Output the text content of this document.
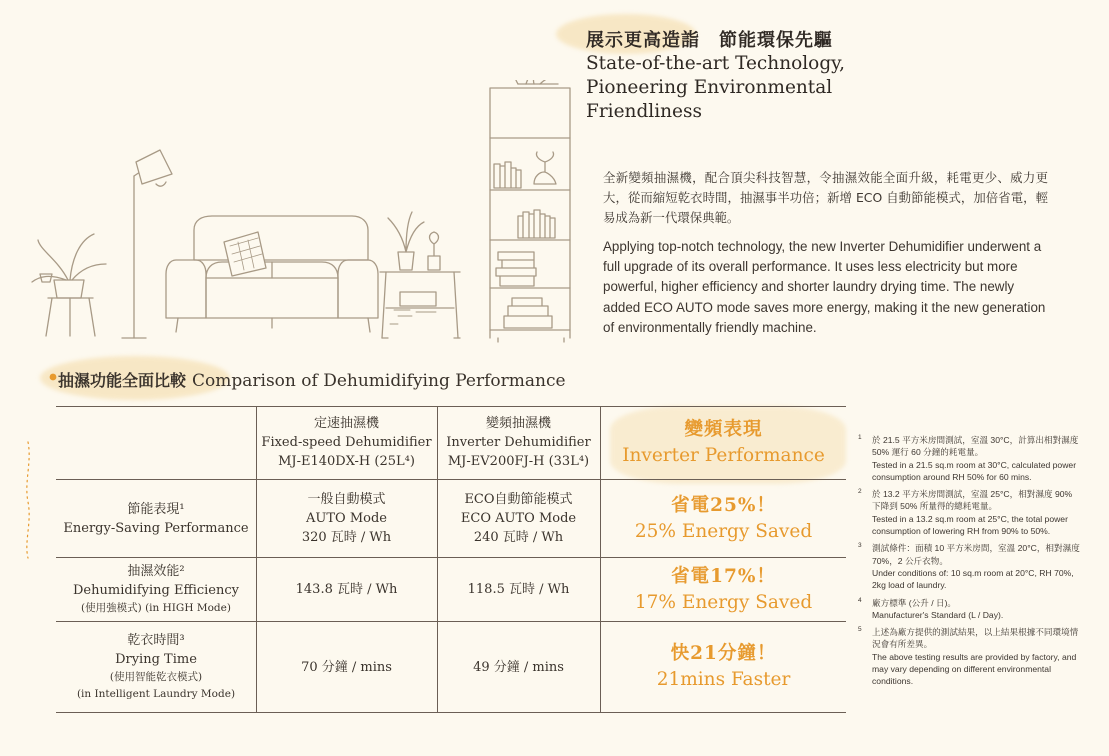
展示更高造詣　節能環保先驅
State-of-the-art Technology,
Pioneering Environmental
Friendliness
全新變頻抽濕機，配合頂尖科技智慧，令抽濕效能全面升級，耗電更少、威力更大，從而縮短乾衣時間，抽濕事半功倍；新增 ECO 自動節能模式，加倍省電，輕易成為新一代環保典範。
Applying top-notch technology, the new Inverter Dehumidifier underwent a full upgrade of its overall performance. It uses less electricity but more powerful, higher efficiency and shorter laundry drying time. The newly added ECO AUTO mode saves more energy, making it the new generation of environmentally friendly machine.
抽濕功能全面比較 Comparison of Dehumidifying Performance
定速抽濕機
Fixed-speed Dehumidifier
MJ-E140DX-H (25L⁴)
變頻抽濕機
Inverter Dehumidifier
MJ-EV200FJ-H (33L⁴)
變頻表現
Inverter Performance
節能表現¹
Energy-Saving Performance
一般自動模式
AUTO Mode
320 瓦時 / Wh
ECO自動節能模式
ECO AUTO Mode
240 瓦時 / Wh
省電25%！
25% Energy Saved
抽濕效能²
Dehumidifying Efficiency
(使用強模式) (in HIGH Mode)
143.8 瓦時 / Wh	118.5 瓦時 / Wh
省電17%！
17% Energy Saved
乾衣時間³
Drying Time
(使用智能乾衣模式)
(in Intelligent Laundry Mode)
70 分鐘 / mins	49 分鐘 / mins
快21分鐘！
21mins Faster
1 於 21.5 平方米房間測試，室溫 30°C，計算出相對濕度 50% 運行 60 分鐘的耗電量。

Tested in a 21.5 sq.m room at 30°C, calculated power consumption around RH 50% for 60 mins.

2 於 13.2 平方米房間測試，室溫 25°C，相對濕度 90% 下降到 50% 所量得的總耗電量。

Tested in a 13.2 sq.m room at 25°C, the total power consumption of lowering RH from 90% to 50%.

3 測試條件：面積 10 平方米房間，室溫 20°C，相對濕度 70%，2 公斤衣物。

Under conditions of: 10 sq.m room at 20°C, RH 70%, 2kg load of laundry.

4 廠方標準 (公升 / 日)。

Manufacturer's Standard (L / Day).

5 上述為廠方提供的測試結果，以上結果根據不同環境情況會有所差異。

The above testing results are provided by factory, and may vary depending on different environmental conditions.
